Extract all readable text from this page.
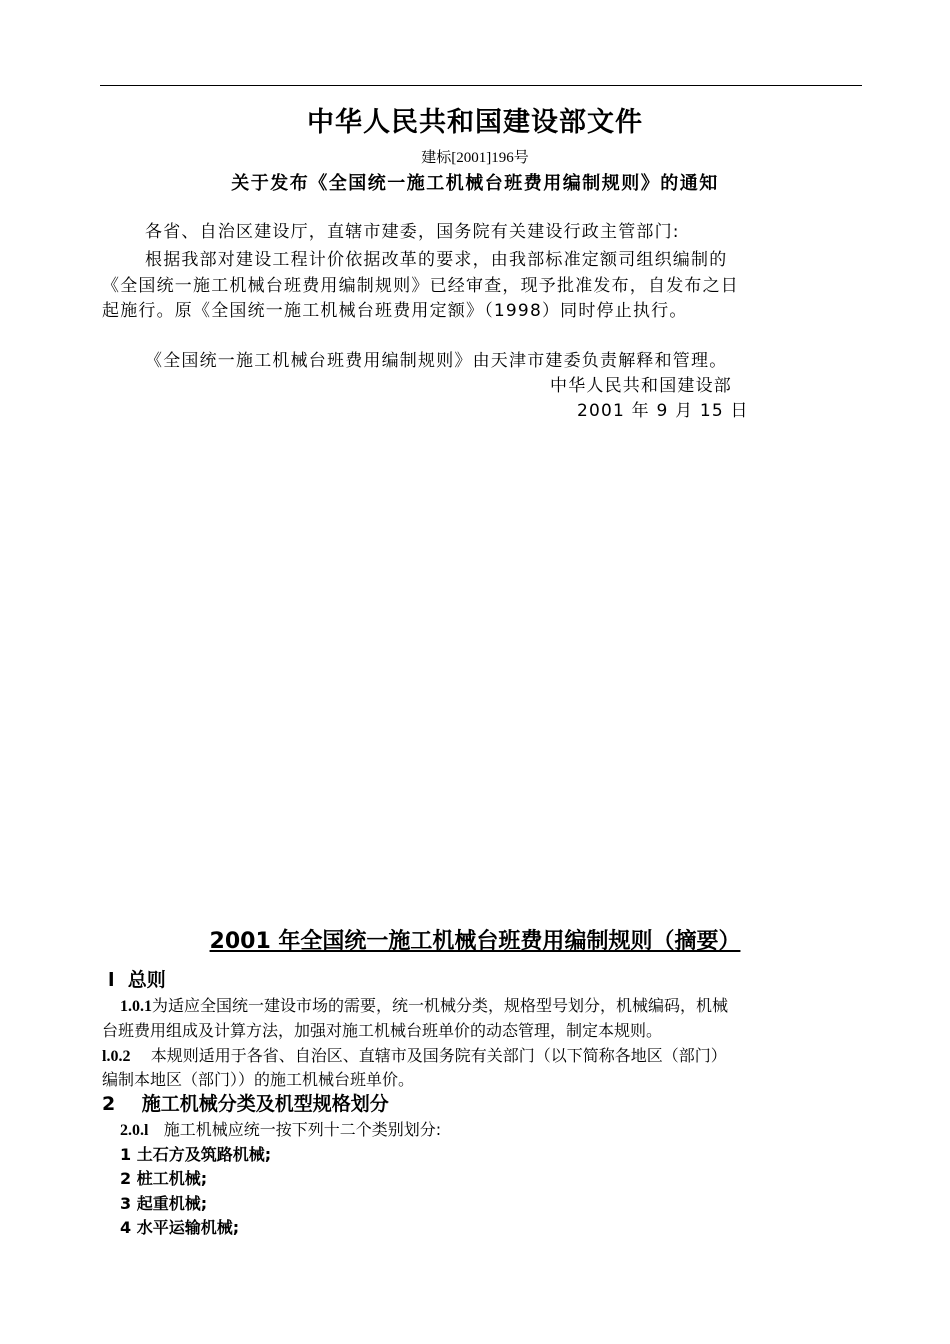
中华人民共和国建设部文件
建标[2001]196号
关于发布《全国统一施工机械台班费用编制规则》的通知
各省、自治区建设厅，直辖市建委，国务院有关建设行政主管部门:
根据我部对建设工程计价依据改革的要求，由我部标准定额司组织编制的
《全国统一施工机械台班费用编制规则》已经审查，现予批准发布，自发布之日
起施行。原《全国统一施工机械台班费用定额》（1998）同时停止执行。
《全国统一施工机械台班费用编制规则》由天津市建委负责解释和管理。
中华人民共和国建设部
2001 年 9 月 15 日
2001 年全国统一施工机械台班费用编制规则（摘要）
l 总则
1.0.1为适应全国统一建设市场的需要，统一机械分类，规格型号划分，机械编码，机械
台班费用组成及计算方法，加强对施工机械台班单价的动态管理，制定本规则。
l.0.2 本规则适用于各省、自治区、直辖市及国务院有关部门（以下简称各地区（部门）
编制本地区（部门））的施工机械台班单价。
2 施工机械分类及机型规格划分
2.0.l 施工机械应统一按下列十二个类别划分:
1 土石方及筑路机械;
2 桩工机械;
3 起重机械;
4 水平运输机械;
